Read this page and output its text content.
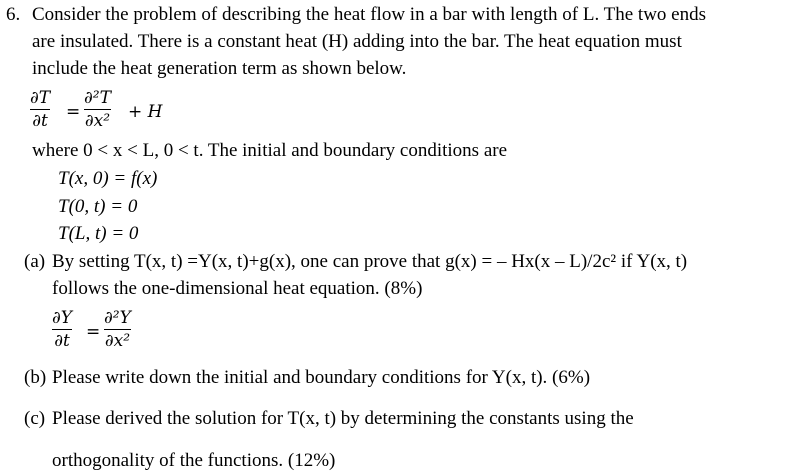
6. Consider the problem of describing the heat flow in a bar with length of L. The two ends
are insulated. There is a constant heat (H) adding into the bar. The heat equation must
include the heat generation term as shown below.
∂T
∂t =
∂²T
∂x² + H
where 0 < x < L, 0 < t. The initial and boundary conditions are
T(x, 0) = f(x)
T(0, t) = 0
T(L, t) = 0
(a) By setting T(x, t) =Y(x, t)+g(x), one can prove that g(x) = – Hx(x – L)/2c² if Y(x, t)
follows the one-dimensional heat equation. (8%)
∂Y
∂t =
∂²Y
∂x²
(b) Please write down the initial and boundary conditions for Y(x, t). (6%)
(c) Please derived the solution for T(x, t) by determining the constants using the
orthogonality of the functions. (12%)
